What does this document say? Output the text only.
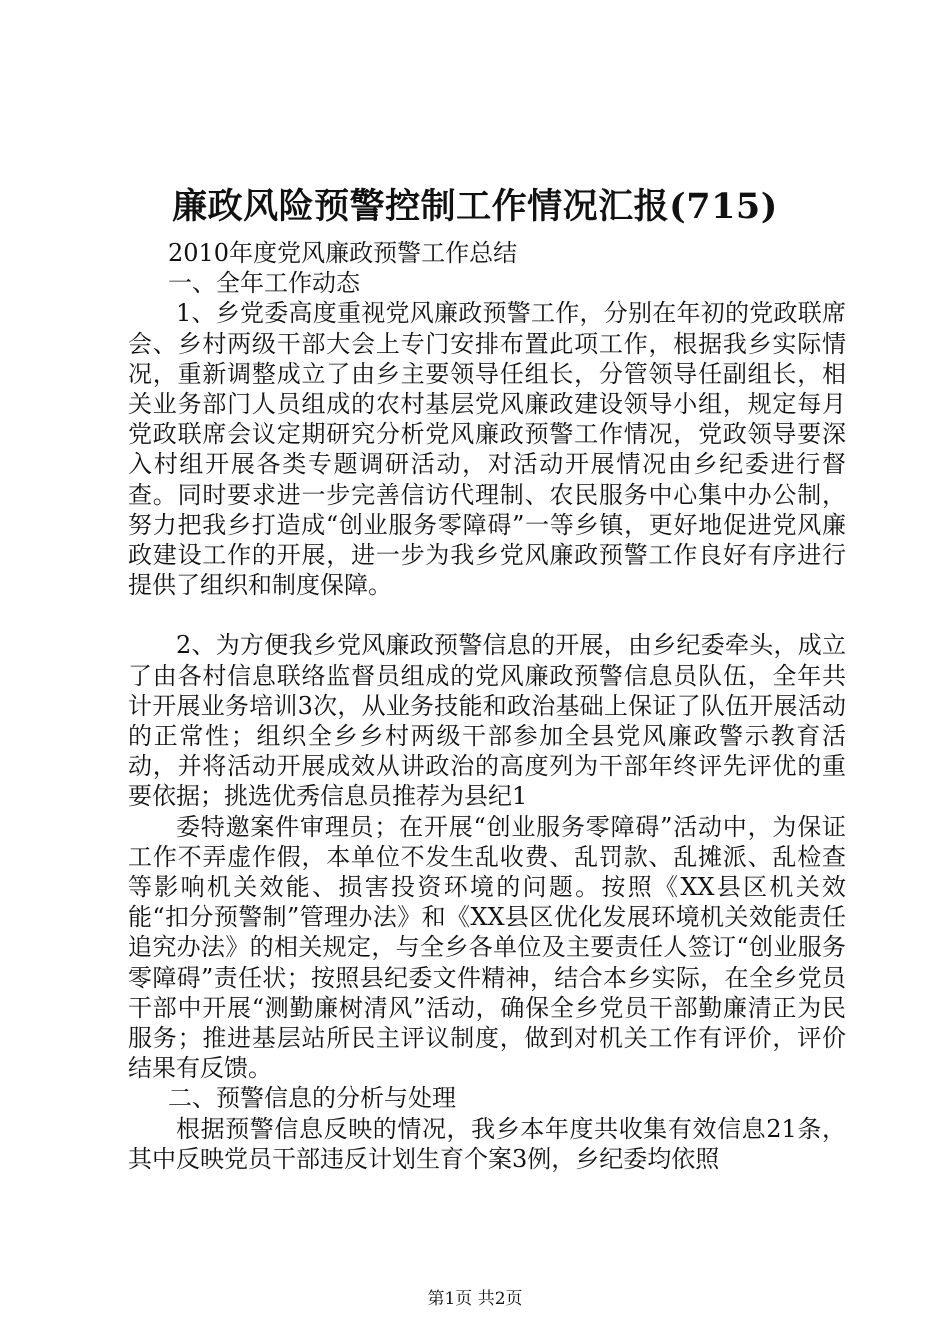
廉政风险预警控制工作情况汇报(715)

2010年度党风廉政预警工作总结

一、全年工作动态

1、乡党委高度重视党风廉政预警工作，分别在年初的党政联席会、乡村两级干部大会上专门安排布置此项工作，根据我乡实际情况，重新调整成立了由乡主要领导任组长，分管领导任副组长，相关业务部门人员组成的农村基层党风廉政建设领导小组，规定每月党政联席会议定期研究分析党风廉政预警工作情况，党政领导要深入村组开展各类专题调研活动，对活动开展情况由乡纪委进行督查。同时要求进一步完善信访代理制、农民服务中心集中办公制，努力把我乡打造成“创业服务零障碍”一等乡镇，更好地促进党风廉政建设工作的开展，进一步为我乡党风廉政预警工作良好有序进行提供了组织和制度保障。

2、为方便我乡党风廉政预警信息的开展，由乡纪委牵头，成立了由各村信息联络监督员组成的党风廉政预警信息员队伍，全年共计开展业务培训3次，从业务技能和政治基础上保证了队伍开展活动的正常性；组织全乡乡村两级干部参加全县党风廉政警示教育活动，并将活动开展成效从讲政治的高度列为干部年终评先评优的重要依据；挑选优秀信息员推荐为县纪1

委特邀案件审理员；在开展“创业服务零障碍”活动中，为保证工作不弄虚作假，本单位不发生乱收费、乱罚款、乱摊派、乱检查等影响机关效能、损害投资环境的问题。按照《XX县区机关效能“扣分预警制”管理办法》和《XX县区优化发展环境机关效能责任追究办法》的相关规定，与全乡各单位及主要责任人签订“创业服务零障碍”责任状；按照县纪委文件精神，结合本乡实际，在全乡党员干部中开展“测勤廉树清风”活动，确保全乡党员干部勤廉清正为民服务；推进基层站所民主评议制度，做到对机关工作有评价，评价结果有反馈。

二、预警信息的分析与处理

根据预警信息反映的情况，我乡本年度共收集有效信息21条，其中反映党员干部违反计划生育个案3例，乡纪委均依照

第1页 共2页
